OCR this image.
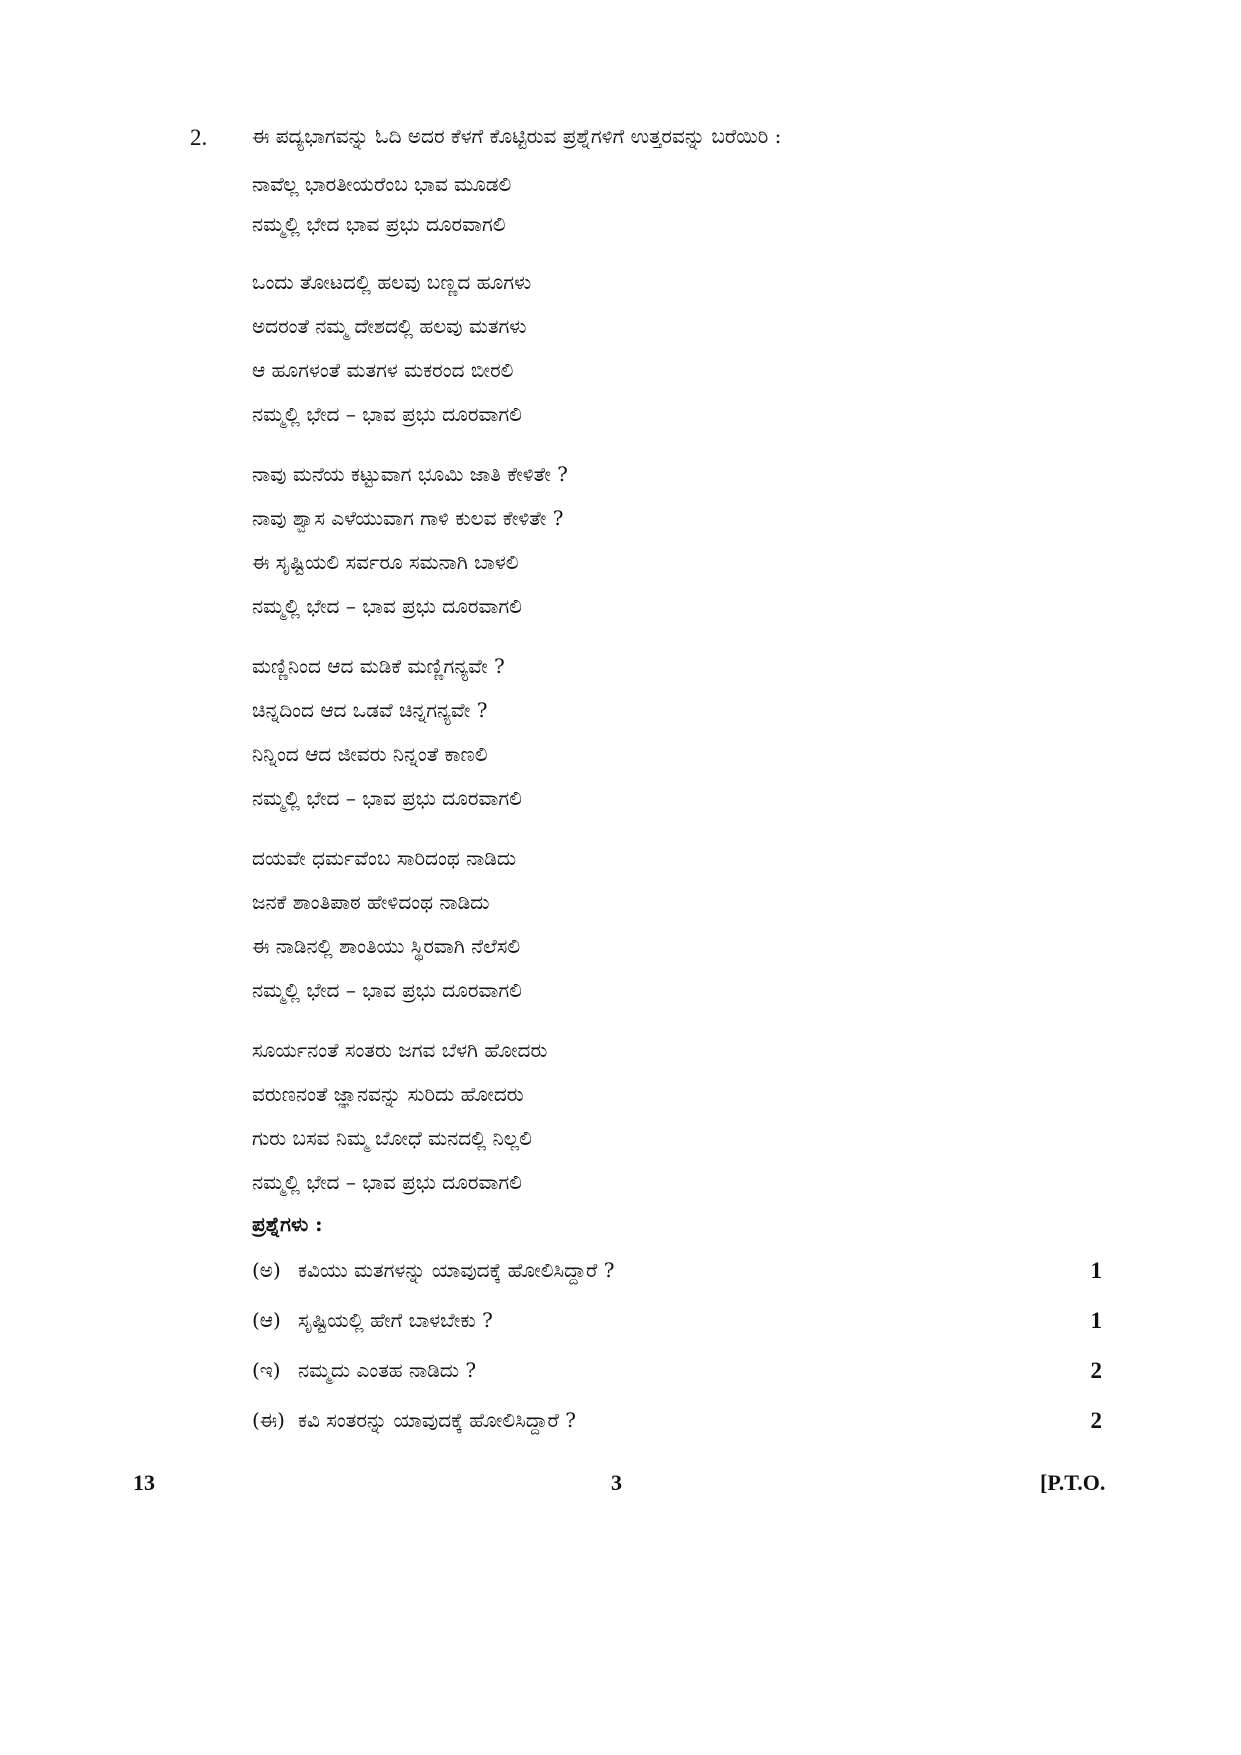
2. ಈ ಪದ್ಯಭಾಗವನ್ನು ಓದಿ ಅದರ ಕೆಳಗೆ ಕೊಟ್ಟಿರುವ ಪ್ರಶ್ನೆಗಳಿಗೆ ಉತ್ತರವನ್ನು ಬರೆಯಿರಿ :
ನಾವೆಲ್ಲ ಭಾರತೀಯರೆಂಬ ಭಾವ ಮೂಡಲಿ
ನಮ್ಮಲ್ಲಿ ಭೇದ ಭಾವ ಪ್ರಭು ದೂರವಾಗಲಿ
ಒಂದು ತೋಟದಲ್ಲಿ ಹಲವು ಬಣ್ಣದ ಹೂಗಳು
ಅದರಂತೆ ನಮ್ಮ ದೇಶದಲ್ಲಿ ಹಲವು ಮತಗಳು
ಆ ಹೂಗಳಂತೆ ಮತಗಳ ಮಕರಂದ ಬೀರಲಿ
ನಮ್ಮಲ್ಲಿ ಭೇದ – ಭಾವ ಪ್ರಭು ದೂರವಾಗಲಿ
ನಾವು ಮನೆಯ ಕಟ್ಟುವಾಗ ಭೂಮಿ ಜಾತಿ ಕೇಳಿತೇ ?
ನಾವು ಶ್ವಾಸ ಎಳೆಯುವಾಗ ಗಾಳಿ ಕುಲವ ಕೇಳಿತೇ ?
ಈ ಸೃಷ್ಟಿಯಲಿ ಸರ್ವರೂ ಸಮನಾಗಿ ಬಾಳಲಿ
ನಮ್ಮಲ್ಲಿ ಭೇದ – ಭಾವ ಪ್ರಭು ದೂರವಾಗಲಿ
ಮಣ್ಣಿನಿಂದ ಆದ ಮಡಿಕೆ ಮಣ್ಣಿಗನ್ಯವೇ ?
ಚಿನ್ನದಿಂದ ಆದ ಒಡವೆ ಚಿನ್ನಗನ್ಯವೇ ?
ನಿನ್ನಿಂದ ಆದ ಜೀವರು ನಿನ್ನಂತೆ ಕಾಣಲಿ
ನಮ್ಮಲ್ಲಿ ಭೇದ – ಭಾವ ಪ್ರಭು ದೂರವಾಗಲಿ
ದಯವೇ ಧರ್ಮವೆಂಬ ಸಾರಿದಂಥ ನಾಡಿದು
ಜನಕೆ ಶಾಂತಿಪಾಠ ಹೇಳಿದಂಥ ನಾಡಿದು
ಈ ನಾಡಿನಲ್ಲಿ ಶಾಂತಿಯು ಸ್ಥಿರವಾಗಿ ನೆಲೆಸಲಿ
ನಮ್ಮಲ್ಲಿ ಭೇದ – ಭಾವ ಪ್ರಭು ದೂರವಾಗಲಿ
ಸೂರ್ಯನಂತೆ ಸಂತರು ಜಗವ ಬೆಳಗಿ ಹೋದರು
ವರುಣನಂತೆ ಜ್ಞಾನವನ್ನು ಸುರಿದು ಹೋದರು
ಗುರು ಬಸವ ನಿಮ್ಮ ಬೋಧೆ ಮನದಲ್ಲಿ ನಿಲ್ಲಲಿ
ನಮ್ಮಲ್ಲಿ ಭೇದ – ಭಾವ ಪ್ರಭು ದೂರವಾಗಲಿ
ಪ್ರಶ್ನೆಗಳು :
(ಅ) ಕವಿಯು ಮತಗಳನ್ನು ಯಾವುದಕ್ಕೆ ಹೋಲಿಸಿದ್ದಾರೆ ?	1
(ಆ) ಸೃಷ್ಟಿಯಲ್ಲಿ ಹೇಗೆ ಬಾಳಬೇಕು ?	1
(ಇ) ನಮ್ಮದು ಎಂತಹ ನಾಡಿದು ?	2
(ಈ) ಕವಿ ಸಂತರನ್ನು ಯಾವುದಕ್ಕೆ ಹೋಲಿಸಿದ್ದಾರೆ ?	2
13	3	[P.T.O.
